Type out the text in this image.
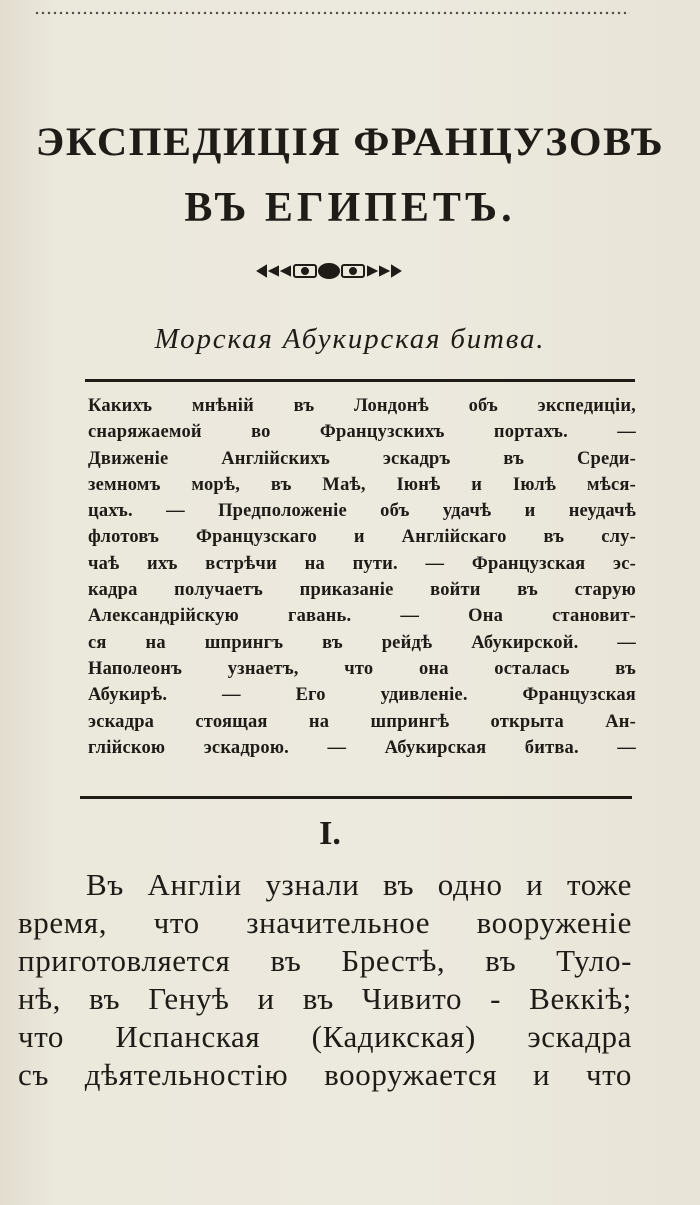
ЭКСПЕДИЦІЯ ФРАНЦУЗОВЪ
ВЪ ЕГИПЕТЪ.
Морская Абукирская битва.
Какихъ мнѣній въ Лондонѣ объ экспедиціи,
снаряжаемой во Французскихъ портахъ. —
Движеніе Англійскихъ эскадръ въ Среди-
земномъ морѣ, въ Маѣ, Іюнѣ и Іюлѣ мѣся-
цахъ. — Предположеніе объ удачѣ и неудачѣ
флотовъ Французскаго и Англійскаго въ слу-
чаѣ ихъ встрѣчи на пути. — Французская эс-
кадра получаетъ приказаніе войти въ старую
Александрійскую гавань. — Она становит-
ся на шпрингъ въ рейдѣ Абукирской. —
Наполеонъ узнаетъ, что она осталась въ
Абукирѣ. — Его удивленіе. Французская
эскадра стоящая на шпрингѣ открыта Ан-
глійскою эскадрою. — Абукирская битва. —
I.
Въ Англіи узнали въ одно и тоже
время, что значительное вооруженіе
приготовляется въ Брестѣ, въ Туло-
нѣ, въ Генуѣ и въ Чивито - Веккіѣ;
что Испанская (Кадикская) эскадра
съ дѣятельностію вооружается и что
